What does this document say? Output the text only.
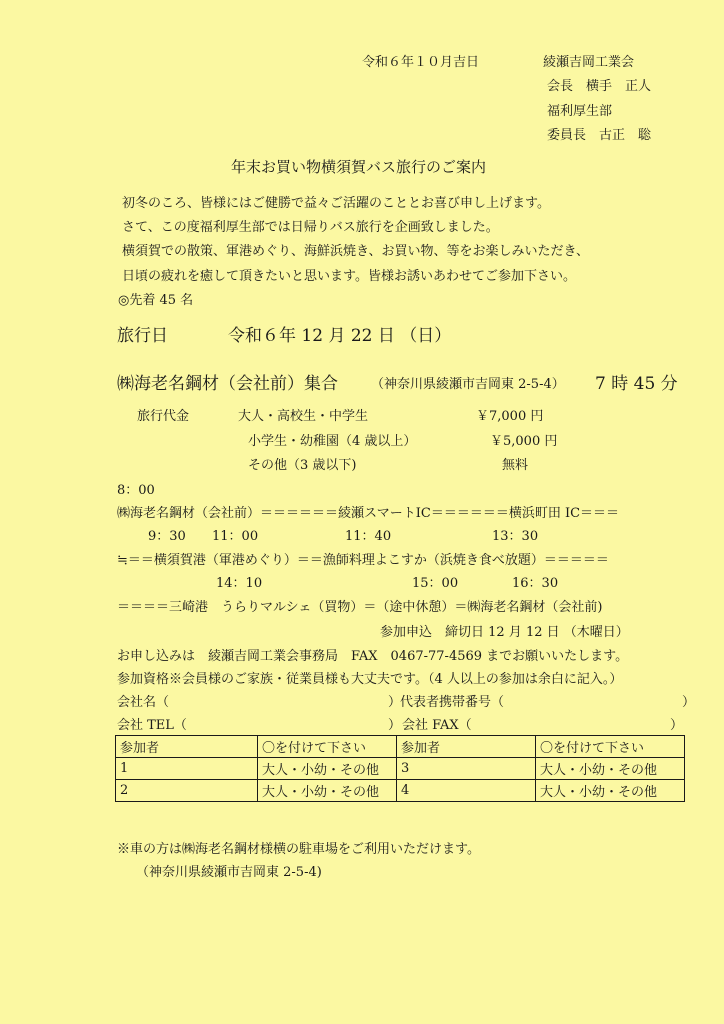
令和６年１０月吉日	綾瀬吉岡工業会
会長　横手　正人
福利厚生部
委員長　古正　聡
年末お買い物横須賀バス旅行のご案内
初冬のころ、皆様にはご健勝で益々ご活躍のこととお喜び申し上げます。
さて、この度福利厚生部では日帰りバス旅行を企画致しました。
横須賀での散策、軍港めぐり、海鮮浜焼き、お買い物、等をお楽しみいただき、
日頃の疲れを癒して頂きたいと思います。皆様お誘いあわせてご参加下さい。
◎先着 45 名
旅行日	令和６年 12 月 22 日 （日）
㈱海老名鋼材（会社前）集合	（神奈川県綾瀬市吉岡東 2-5-4） 7 時 45 分
旅行代金	大人・高校生・中学生	￥7,000 円
小学生・幼稚園（4 歳以上）	￥5,000 円
その他（3 歳以下)	無料
8：00
㈱海老名鋼材（会社前）＝＝＝＝＝＝綾瀬スマートIC＝＝＝＝＝＝横浜町田 IC＝＝＝
9：30 11：00	11：40	13：30
≒＝＝横須賀港（軍港めぐり）＝＝漁師料理よこすか（浜焼き食べ放題）＝＝＝＝＝
14：10	15：00	16：30
＝＝＝＝三崎港　うらりマルシェ（買物）＝（途中休憩）＝㈱海老名鋼材（会社前)
参加申込　締切日 12 月 12 日 （木曜日）
お申し込みは　綾瀬吉岡工業会事務局　FAX　0467-77-4569 までお願いいたします。
参加資格※会員様のご家族・従業員様も大丈夫です。（4 人以上の参加は余白に記入。）
会社名（	）
代表者携帯番号（	）
会社 TEL（	） 会社 FAX（	）
参加者	〇を付けて下さい	参加者	〇を付けて下さい
1	大人・小幼・その他	3	大人・小幼・その他
2	大人・小幼・その他	4	大人・小幼・その他
※車の方は㈱海老名鋼材様横の駐車場をご利用いただけます。
（神奈川県綾瀬市吉岡東 2-5-4)
